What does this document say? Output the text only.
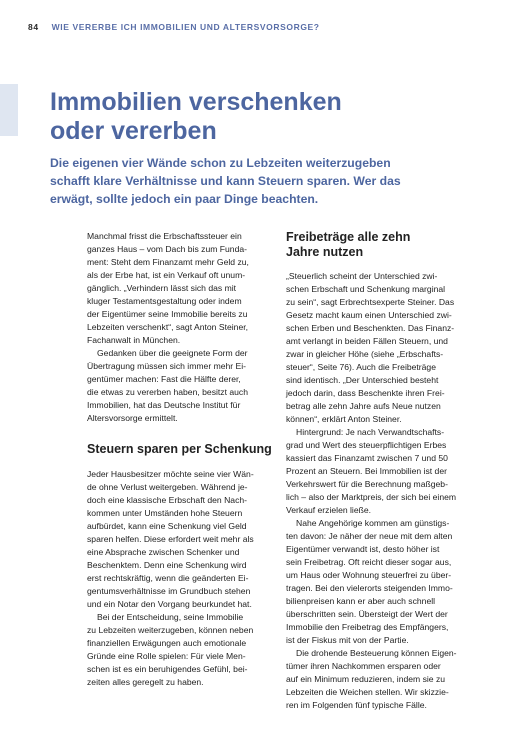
84 WIE VERERBE ICH IMMOBILIEN UND ALTERSVORSORGE?
Immobilien verschenken
oder vererben
Die eigenen vier Wände schon zu Lebzeiten weiterzugeben
schafft klare Verhältnisse und kann Steuern sparen. Wer das
erwägt, sollte jedoch ein paar Dinge beachten.
Manchmal frisst die Erbschaftssteuer ein
ganzes Haus – vom Dach bis zum Funda-
ment: Steht dem Finanzamt mehr Geld zu,
als der Erbe hat, ist ein Verkauf oft unum-
gänglich. „Verhindern lässt sich das mit
kluger Testamentsgestaltung oder indem
der Eigentümer seine Immobilie bereits zu
Lebzeiten verschenkt“, sagt Anton Steiner,
Fachanwalt in München.
Gedanken über die geeignete Form der
Übertragung müssen sich immer mehr Ei-
gentümer machen: Fast die Hälfte derer,
die etwas zu vererben haben, besitzt auch
Immobilien, hat das Deutsche Institut für
Altersvorsorge ermittelt.
Steuern sparen per Schenkung
Jeder Hausbesitzer möchte seine vier Wän-
de ohne Verlust weitergeben. Während je-
doch eine klassische Erbschaft den Nach-
kommen unter Umständen hohe Steuern
aufbürdet, kann eine Schenkung viel Geld
sparen helfen. Diese erfordert weit mehr als
eine Absprache zwischen Schenker und
Beschenktem. Denn eine Schenkung wird
erst rechtskräftig, wenn die geänderten Ei-
gentumsverhältnisse im Grundbuch stehen
und ein Notar den Vorgang beurkundet hat.
Bei der Entscheidung, seine Immobilie
zu Lebzeiten weiterzugeben, können neben
finanziellen Erwägungen auch emotionale
Gründe eine Rolle spielen: Für viele Men-
schen ist es ein beruhigendes Gefühl, bei-
zeiten alles geregelt zu haben.
Freibeträge alle zehn
Jahre nutzen
„Steuerlich scheint der Unterschied zwi-
schen Erbschaft und Schenkung marginal
zu sein“, sagt Erbrechtsexperte Steiner. Das
Gesetz macht kaum einen Unterschied zwi-
schen Erben und Beschenkten. Das Finanz-
amt verlangt in beiden Fällen Steuern, und
zwar in gleicher Höhe (siehe „Erbschafts-
steuer“, Seite 76). Auch die Freibeträge
sind identisch. „Der Unterschied besteht
jedoch darin, dass Beschenkte ihren Frei-
betrag alle zehn Jahre aufs Neue nutzen
können“, erklärt Anton Steiner.
Hintergrund: Je nach Verwandtschafts-
grad und Wert des steuerpflichtigen Erbes
kassiert das Finanzamt zwischen 7 und 50
Prozent an Steuern. Bei Immobilien ist der
Verkehrswert für die Berechnung maßgeb-
lich – also der Marktpreis, der sich bei einem
Verkauf erzielen ließe.
Nahe Angehörige kommen am günstigs-
ten davon: Je näher der neue mit dem alten
Eigentümer verwandt ist, desto höher ist
sein Freibetrag. Oft reicht dieser sogar aus,
um Haus oder Wohnung steuerfrei zu über-
tragen. Bei den vielerorts steigenden Immo-
bilienpreisen kann er aber auch schnell
überschritten sein. Übersteigt der Wert der
Immobilie den Freibetrag des Empfängers,
ist der Fiskus mit von der Partie.
Die drohende Besteuerung können Eigen-
tümer ihren Nachkommen ersparen oder
auf ein Minimum reduzieren, indem sie zu
Lebzeiten die Weichen stellen. Wir skizzie-
ren im Folgenden fünf typische Fälle.
